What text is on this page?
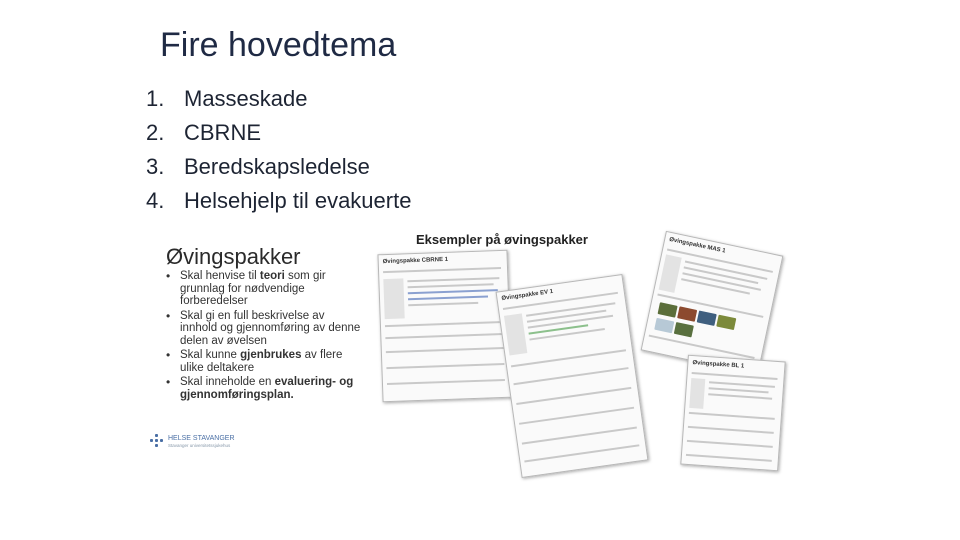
Fire hovedtema
1. Masseskade
2. CBRNE
3. Beredskapsledelse
4. Helsehjelp til evakuerte
Øvingspakker
• Skal henvise til teori som gir grunnlag for nødvendige forberedelser
• Skal gi en full beskrivelse av innhold og gjennomføring av denne delen av øvelsen
• Skal kunne gjenbrukes av flere ulike deltakere
• Skal inneholde en evaluering- og gjennomføringsplan.
HELSE STAVANGER
Stavanger universitetssjukehus
Eksempler på øvingspakker
Øvingspakke CBRNE 1
Øvingspakke EV 1
Øvingspakke MAS 1
Øvingspakke BL 1
